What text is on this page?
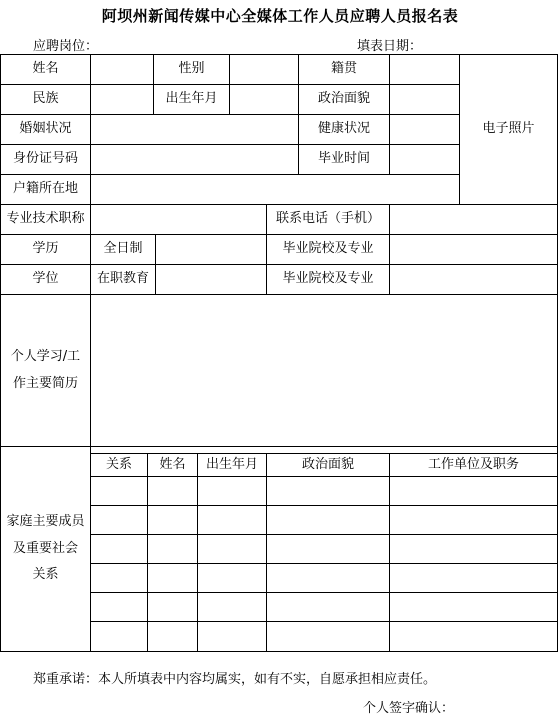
阿坝州新闻传媒中心全媒体工作人员应聘人员报名表
应聘岗位：	填表日期：
姓名	性别	籍贯
民族	出生年月	政治面貌
婚姻状况	健康状况
身份证号码	毕业时间
户籍所在地
电子照片
专业技术职称	联系电话（手机）
学历	全日制	毕业院校及专业
学位	在职教育	毕业院校及专业
个人学习/工
作主要简历
家庭主要成员
及重要社会
关系
关系	姓名	出生年月	政治面貌	工作单位及职务
郑重承诺：本人所填表中内容均属实，如有不实，自愿承担相应责任。
个人签字确认：
